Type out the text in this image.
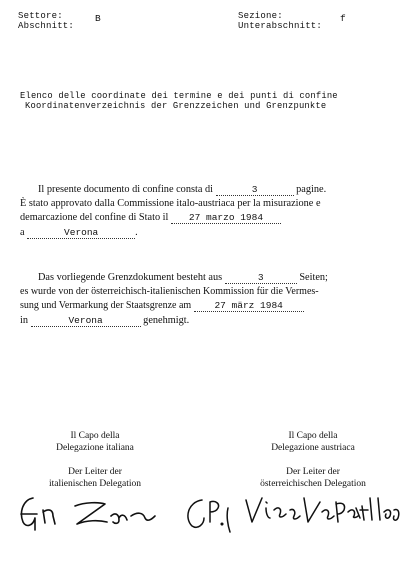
Settore:	B
Abschnitt:
Sezione:	f
Unterabschnitt:
Elenco delle coordinate dei termine e dei punti di confine
Koordinatenverzeichnis der Grenzzeichen und Grenzpunkte
Il presente documento di confine consta di	3	pagine.
È stato approvato dalla Commissione italo-austriaca per la misurazione e
demarcazione del confine di Stato il 27 marzo 1984
a	Verona	.
Das vorliegende Grenzdokument besteht aus	3	Seiten;
es wurde von der österreichisch-italienischen Kommission für die Vermes-
sung und Vermarkung der Staatsgrenze am 27 märz 1984
in	Verona	genehmigt.
Il Capo della
Delegazione italiana
Der Leiter der
italienischen Delegation
Il Capo della
Delegazione austriaca
Der Leiter der
österreichischen Delegation
